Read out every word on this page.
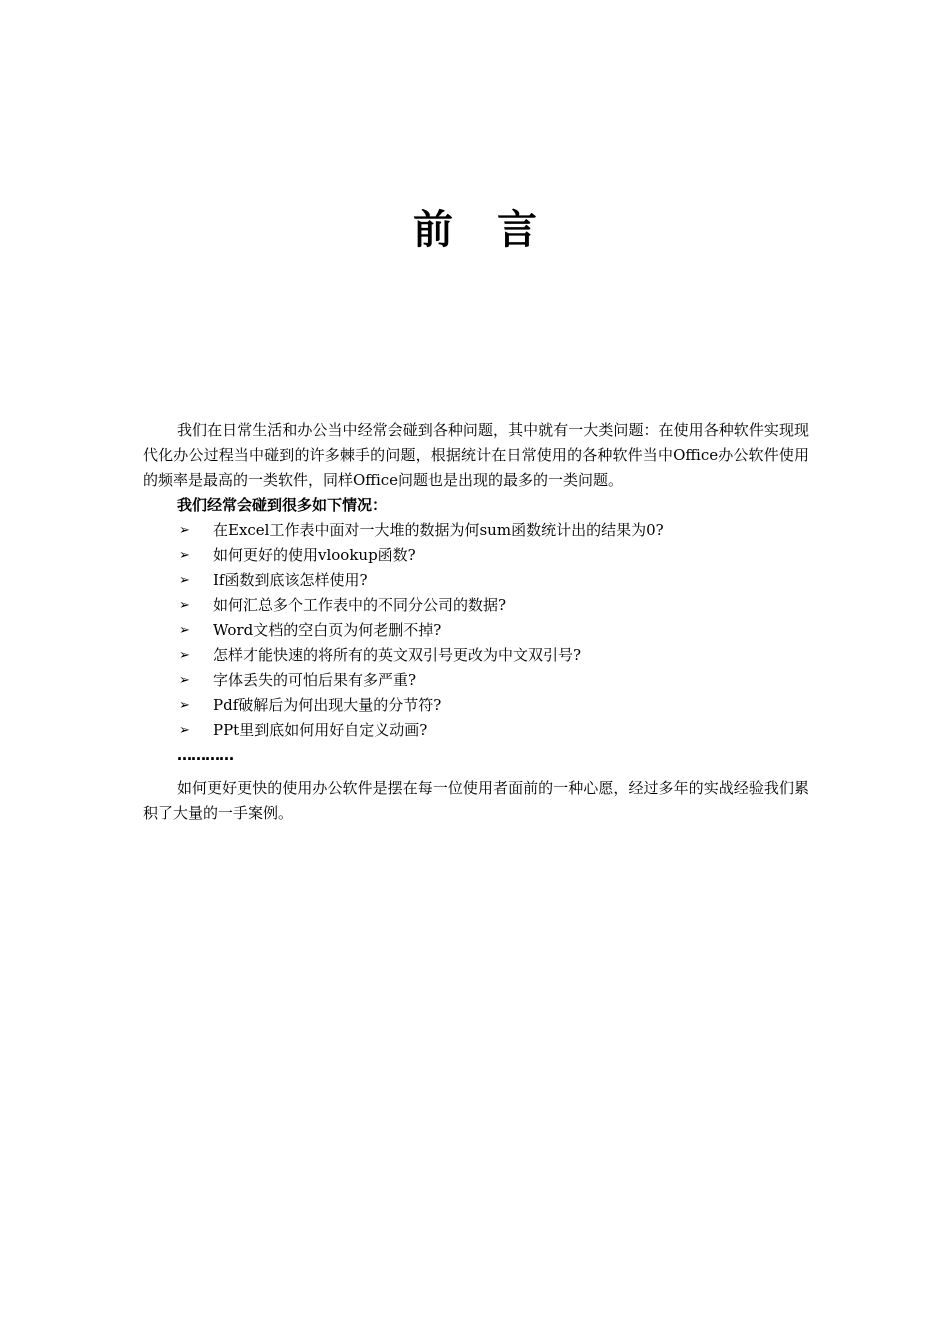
前言

我们在日常生活和办公当中经常会碰到各种问题，其中就有一大类问题：在使用各种软件实现现代化办公过程当中碰到的许多棘手的问题，根据统计在日常使用的各种软件当中Office办公软件使用的频率是最高的一类软件，同样Office问题也是出现的最多的一类问题。

我们经常会碰到很多如下情况：

➢ 在Excel工作表中面对一大堆的数据为何sum函数统计出的结果为0?
➢ 如何更好的使用vlookup函数?
➢ If函数到底该怎样使用?
➢ 如何汇总多个工作表中的不同分公司的数据?
➢ Word文档的空白页为何老删不掉?
➢ 怎样才能快速的将所有的英文双引号更改为中文双引号?
➢ 字体丢失的可怕后果有多严重?
➢ Pdf破解后为何出现大量的分节符?
➢ PPt里到底如何用好自定义动画?

…………

如何更好更快的使用办公软件是摆在每一位使用者面前的一种心愿，经过多年的实战经验我们累积了大量的一手案例。
